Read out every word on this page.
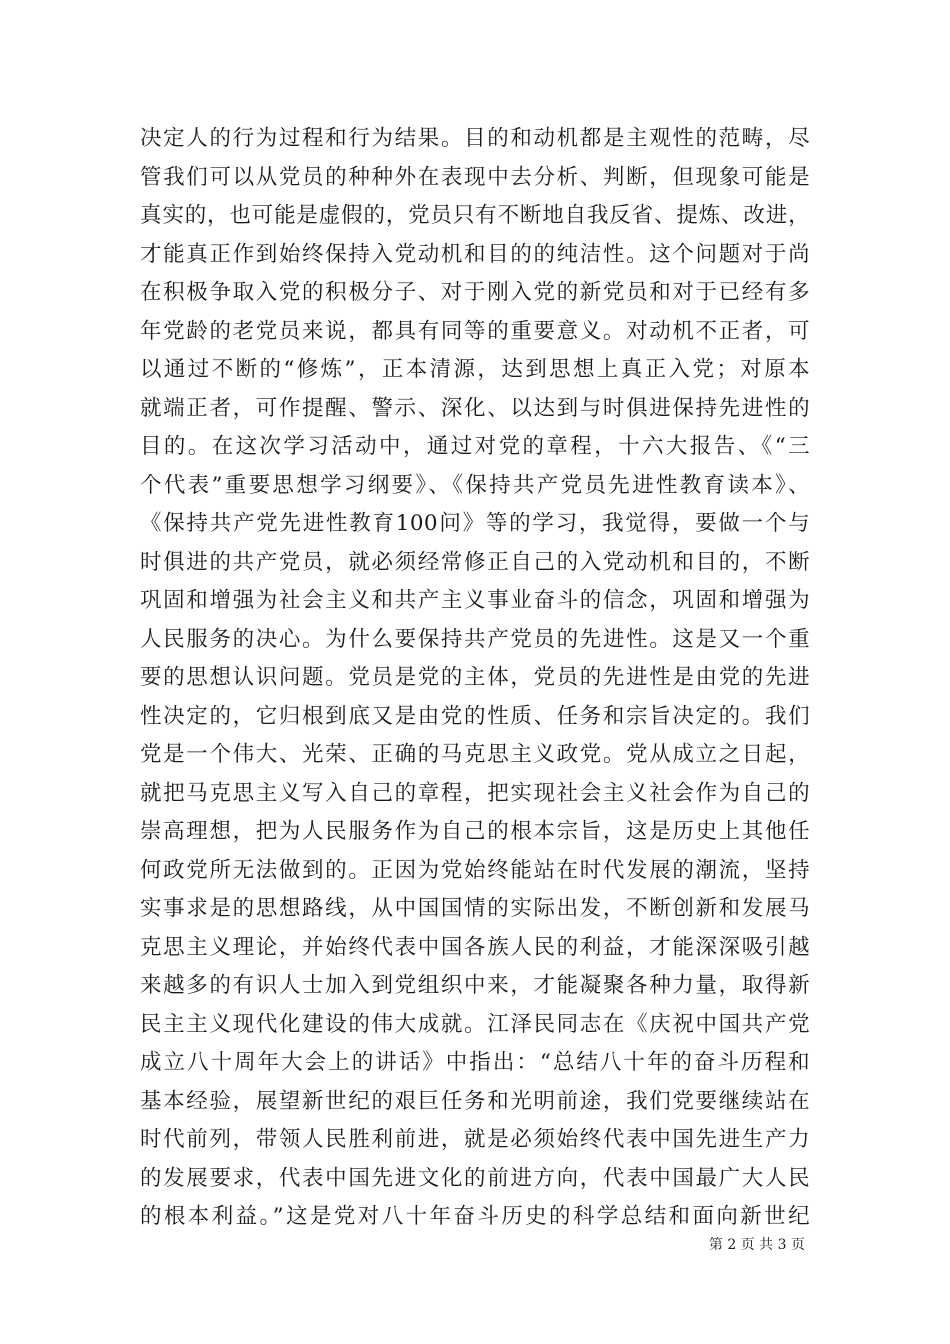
决定人的行为过程和行为结果。目的和动机都是主观性的范畴，尽
管我们可以从党员的种种外在表现中去分析、判断，但现象可能是
真实的，也可能是虚假的，党员只有不断地自我反省、提炼、改进，
才能真正作到始终保持入党动机和目的的纯洁性。这个问题对于尚
在积极争取入党的积极分子、对于刚入党的新党员和对于已经有多
年党龄的老党员来说，都具有同等的重要意义。对动机不正者，可
以通过不断的“修炼”，正本清源，达到思想上真正入党；对原本
就端正者，可作提醒、警示、深化、以达到与时俱进保持先进性的
目的。在这次学习活动中，通过对党的章程，十六大报告、《“三
个代表”重要思想学习纲要》、《保持共产党员先进性教育读本》、
《保持共产党先进性教育100问》等的学习，我觉得，要做一个与
时俱进的共产党员，就必须经常修正自己的入党动机和目的，不断
巩固和增强为社会主义和共产主义事业奋斗的信念，巩固和增强为
人民服务的决心。为什么要保持共产党员的先进性。这是又一个重
要的思想认识问题。党员是党的主体，党员的先进性是由党的先进
性决定的，它归根到底又是由党的性质、任务和宗旨决定的。我们
党是一个伟大、光荣、正确的马克思主义政党。党从成立之日起，
就把马克思主义写入自己的章程，把实现社会主义社会作为自己的
崇高理想，把为人民服务作为自己的根本宗旨，这是历史上其他任
何政党所无法做到的。正因为党始终能站在时代发展的潮流，坚持
实事求是的思想路线，从中国国情的实际出发，不断创新和发展马
克思主义理论，并始终代表中国各族人民的利益，才能深深吸引越
来越多的有识人士加入到党组织中来，才能凝聚各种力量，取得新
民主主义现代化建设的伟大成就。江泽民同志在《庆祝中国共产党
成立八十周年大会上的讲话》中指出：“总结八十年的奋斗历程和
基本经验，展望新世纪的艰巨任务和光明前途，我们党要继续站在
时代前列，带领人民胜利前进，就是必须始终代表中国先进生产力
的发展要求，代表中国先进文化的前进方向，代表中国最广大人民
的根本利益。”这是党对八十年奋斗历史的科学总结和面向新世纪
第 2 页 共 3 页
